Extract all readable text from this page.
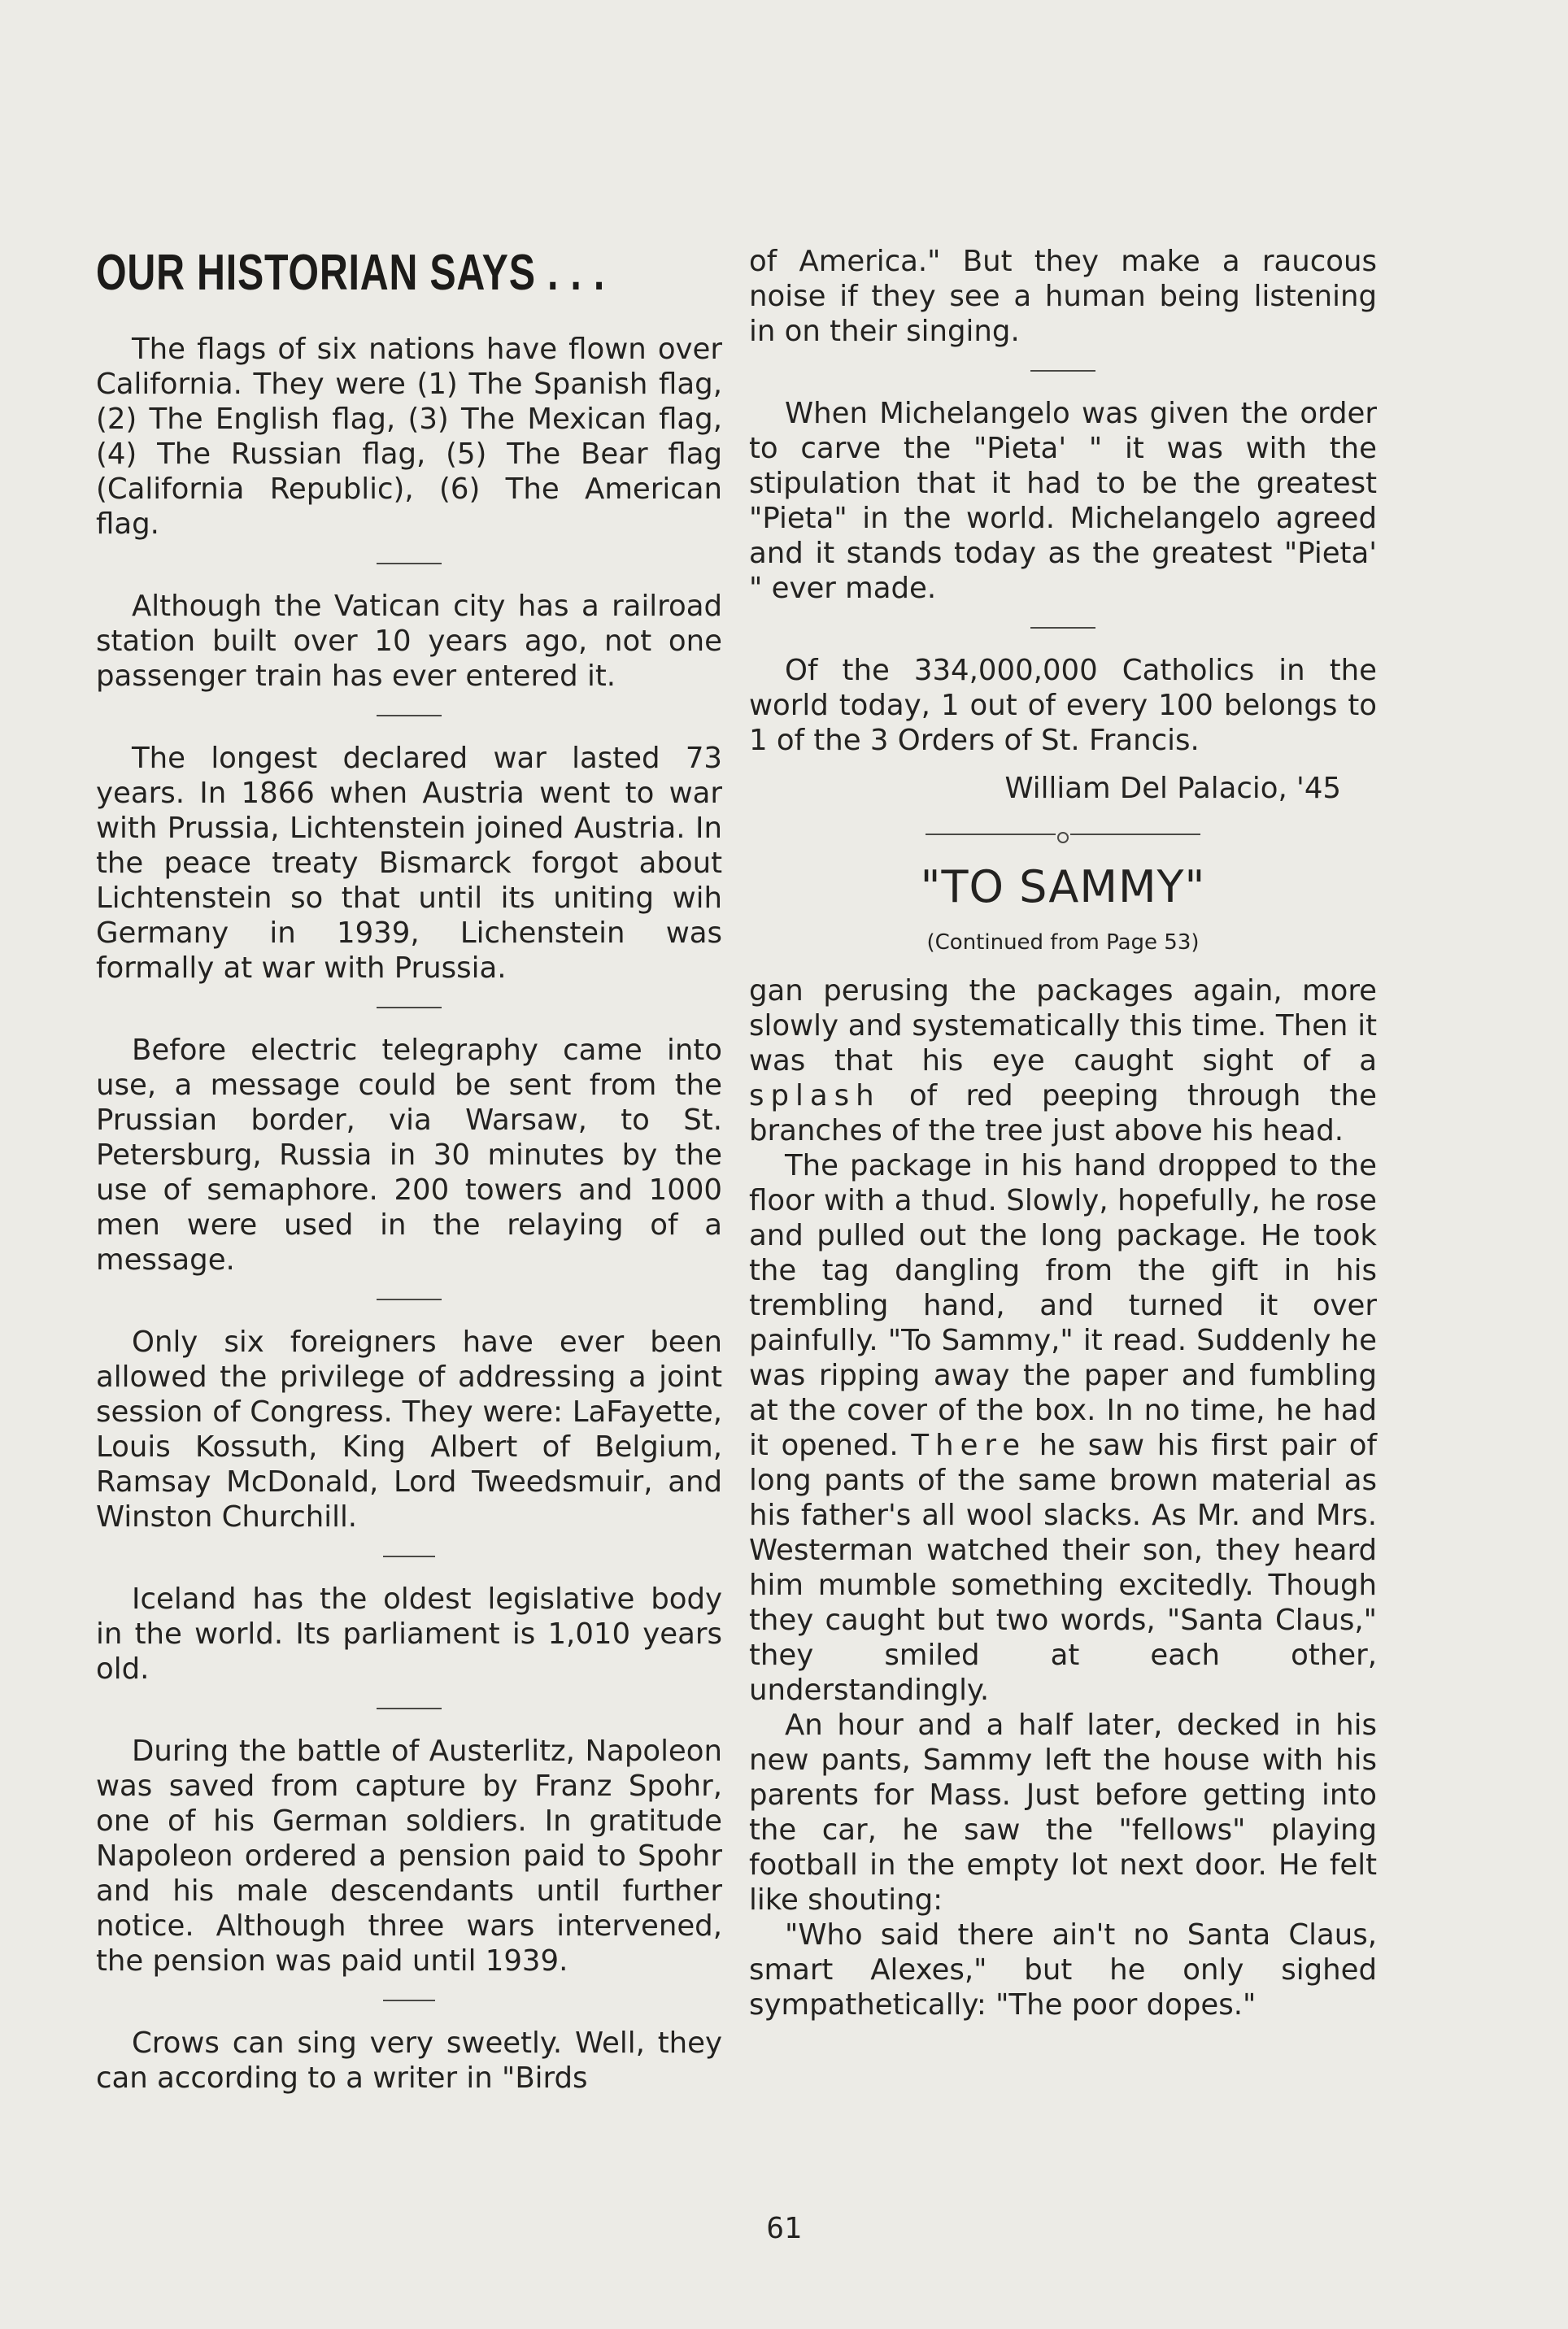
OUR HISTORIAN SAYS . . .

The flags of six nations have flown over California. They were (1) The Spanish flag, (2) The English flag, (3) The Mexican flag, (4) The Russian flag, (5) The Bear flag (California Republic), (6) The American flag.

Although the Vatican city has a railroad station built over 10 years ago, not one passenger train has ever entered it.

The longest declared war lasted 73 years. In 1866 when Austria went to war with Prussia, Lichtenstein joined Austria. In the peace treaty Bismarck forgot about Lichtenstein so that until its uniting wih Germany in 1939, Lichenstein was formally at war with Prussia.

Before electric telegraphy came into use, a message could be sent from the Prussian border, via Warsaw, to St. Petersburg, Russia in 30 minutes by the use of semaphore. 200 towers and 1000 men were used in the relaying of a message.

Only six foreigners have ever been allowed the privilege of addressing a joint session of Congress. They were: LaFayette, Louis Kossuth, King Albert of Belgium, Ramsay McDonald, Lord Tweedsmuir, and Winston Churchill.

Iceland has the oldest legislative body in the world. Its parliament is 1,010 years old.

During the battle of Austerlitz, Napoleon was saved from capture by Franz Spohr, one of his German soldiers. In gratitude Napoleon ordered a pension paid to Spohr and his male descendants until further notice. Although three wars intervened, the pension was paid until 1939.

Crows can sing very sweetly. Well, they can according to a writer in "Birds

of America." But they make a raucous noise if they see a human being listening in on their singing.

When Michelangelo was given the order to carve the "Pieta' " it was with the stipulation that it had to be the greatest "Pieta" in the world. Michelangelo agreed and it stands today as the greatest "Pieta' " ever made.

Of the 334,000,000 Catholics in the world today, 1 out of every 100 belongs to 1 of the 3 Orders of St. Francis.

William Del Palacio, '45

"TO SAMMY"

(Continued from Page 53)

gan perusing the packages again, more slowly and systematically this time. Then it was that his eye caught sight of a splash of red peeping through the branches of the tree just above his head.

The package in his hand dropped to the floor with a thud. Slowly, hopefully, he rose and pulled out the long package. He took the tag dangling from the gift in his trembling hand, and turned it over painfully. "To Sammy," it read. Suddenly he was ripping away the paper and fumbling at the cover of the box. In no time, he had it opened. There he saw his first pair of long pants of the same brown material as his father's all wool slacks. As Mr. and Mrs. Westerman watched their son, they heard him mumble something excitedly. Though they caught but two words, "Santa Claus," they smiled at each other, understandingly.

An hour and a half later, decked in his new pants, Sammy left the house with his parents for Mass. Just before getting into the car, he saw the "fellows" playing football in the empty lot next door. He felt like shouting:

"Who said there ain't no Santa Claus, smart Alexes," but he only sighed sympathetically: "The poor dopes."

61
